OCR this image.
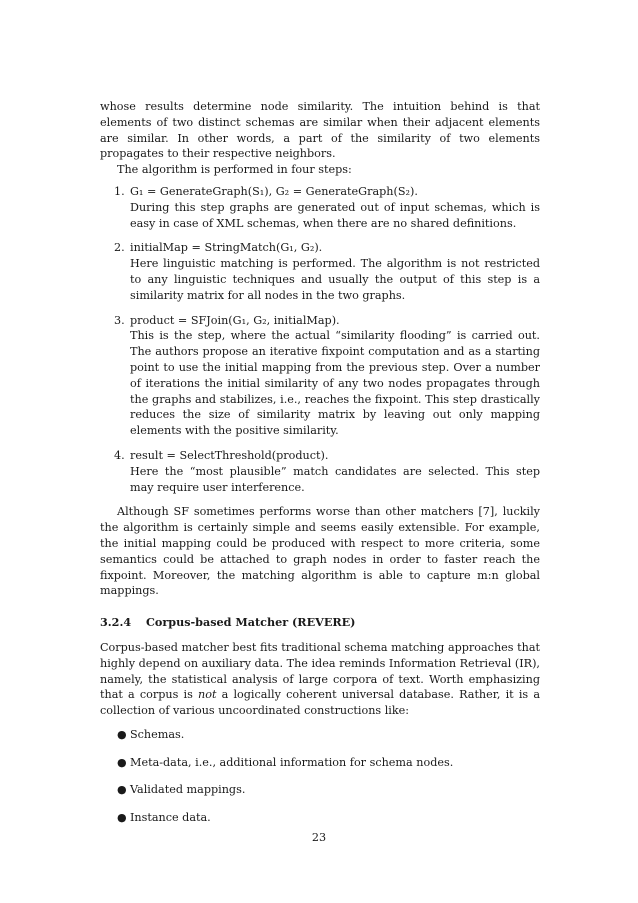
whose results determine node similarity. The intuition behind is that elements of two distinct schemas are similar when their adjacent elements are similar. In other words, a part of the similarity of two elements propagates to their respective neighbors.

The algorithm is performed in four steps:

1. G₁ = GenerateGraph(S₁), G₂ = GenerateGraph(S₂).
During this step graphs are generated out of input schemas, which is easy in case of XML schemas, when there are no shared definitions.
2. initialMap = StringMatch(G₁, G₂).
Here linguistic matching is performed. The algorithm is not restricted to any linguistic techniques and usually the output of this step is a similarity matrix for all nodes in the two graphs.
3. product = SFJoin(G₁, G₂, initialMap).
This is the step, where the actual “similarity flooding” is carried out. The authors propose an iterative fixpoint computation and as a starting point to use the initial mapping from the previous step. Over a number of iterations the initial similarity of any two nodes propagates through the graphs and stabilizes, i.e., reaches the fixpoint. This step drastically reduces the size of similarity matrix by leaving out only mapping elements with the positive similarity.
4. result = SelectThreshold(product).
Here the “most plausible” match candidates are selected. This step may require user interference.

Although SF sometimes performs worse than other matchers [7], luckily the algorithm is certainly simple and seems easily extensible. For example, the initial mapping could be produced with respect to more criteria, some semantics could be attached to graph nodes in order to faster reach the fixpoint. Moreover, the matching algorithm is able to capture m:n global mappings.

3.2.4 Corpus-based Matcher (REVERE)

Corpus-based matcher best fits traditional schema matching approaches that highly depend on auxiliary data. The idea reminds Information Retrieval (IR), namely, the statistical analysis of large corpora of text. Worth emphasizing that a corpus is not a logically coherent universal database. Rather, it is a collection of various uncoordinated constructions like:

● Schemas.
● Meta-data, i.e., additional information for schema nodes.
● Validated mappings.
● Instance data.
23
